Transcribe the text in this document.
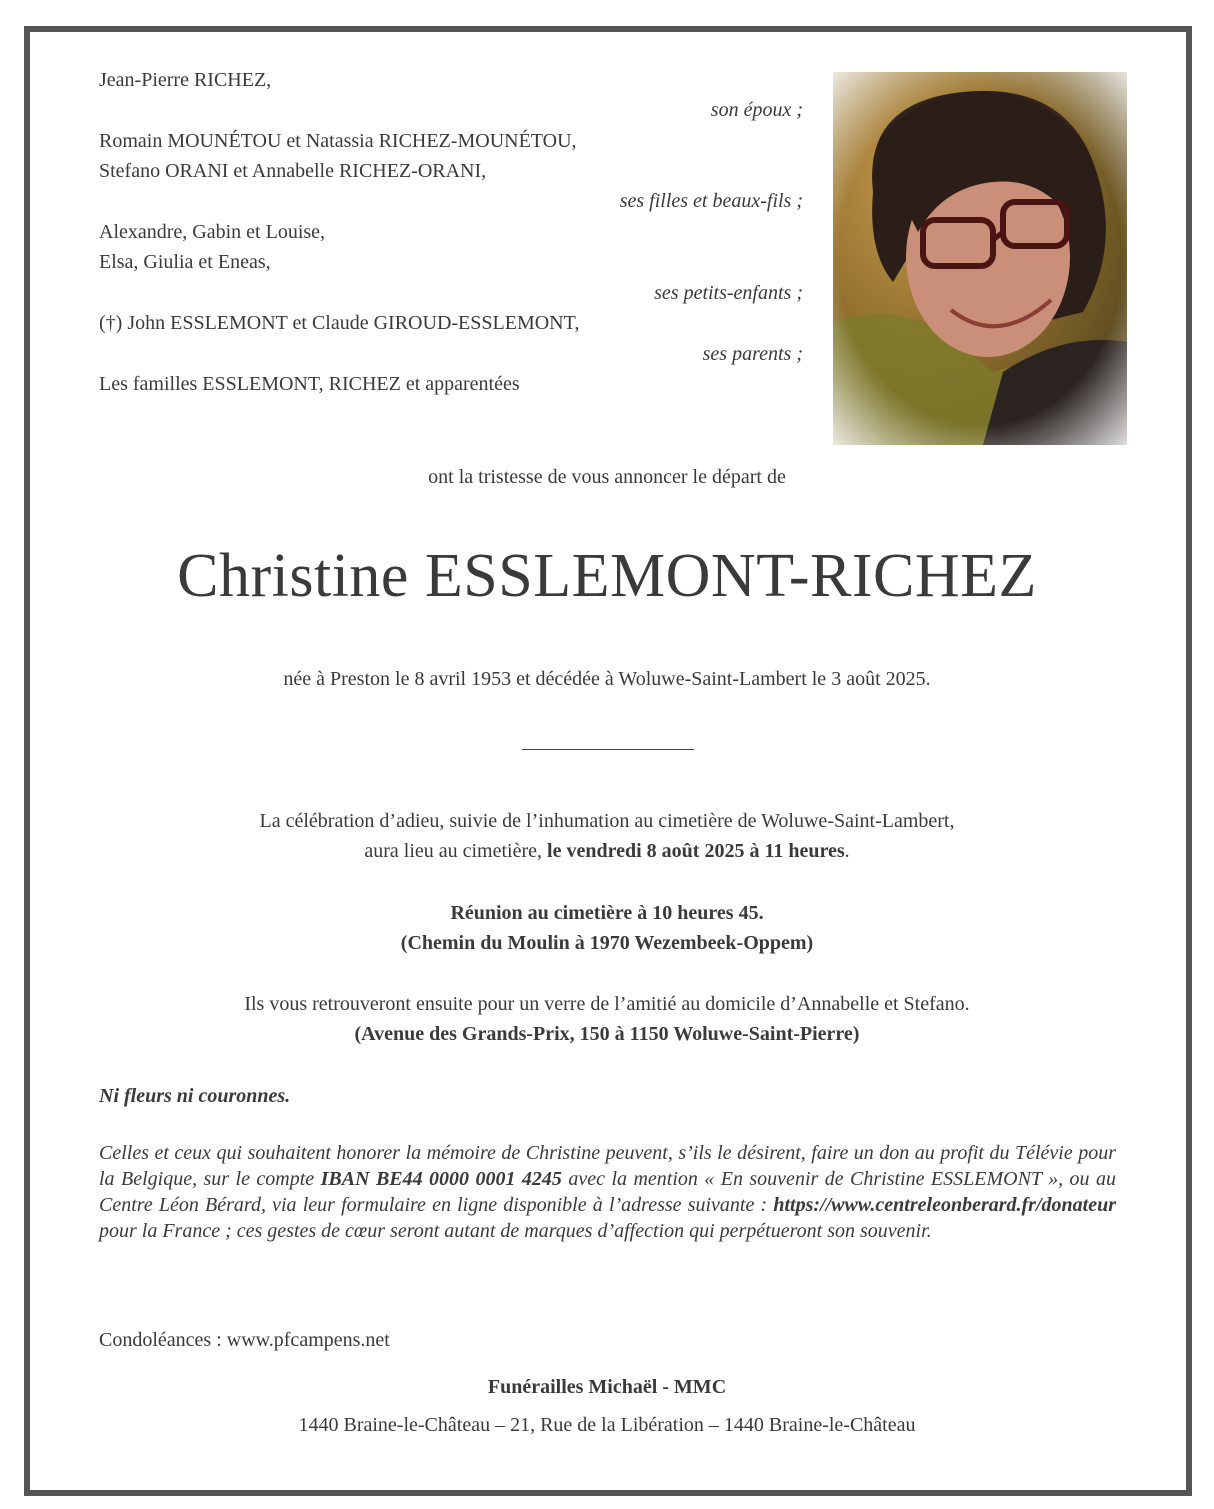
Jean-Pierre RICHEZ,
son époux ;
Romain MOUNÉTOU et Natassia RICHEZ-MOUNÉTOU,
Stefano ORANI et Annabelle RICHEZ-ORANI,
ses filles et beaux-fils ;
Alexandre, Gabin et Louise,
Elsa, Giulia et Eneas,
ses petits-enfants ;
(†) John ESSLEMONT et Claude GIROUD-ESSLEMONT,
ses parents ;
Les familles ESSLEMONT, RICHEZ et apparentées
ont la tristesse de vous annoncer le départ de
Christine ESSLEMONT-RICHEZ
née à Preston le 8 avril 1953 et décédée à Woluwe-Saint-Lambert le 3 août 2025.
La célébration d’adieu, suivie de l’inhumation au cimetière de Woluwe-Saint-Lambert,
aura lieu au cimetière, le vendredi 8 août 2025 à 11 heures.
Réunion au cimetière à 10 heures 45.
(Chemin du Moulin à 1970 Wezembeek-Oppem)
Ils vous retrouveront ensuite pour un verre de l’amitié au domicile d’Annabelle et Stefano.
(Avenue des Grands-Prix, 150 à 1150 Woluwe-Saint-Pierre)
Ni fleurs ni couronnes.
Celles et ceux qui souhaitent honorer la mémoire de Christine peuvent, s’ils le désirent, faire un don au profit du Télévie pour la Belgique, sur le compte IBAN BE44 0000 0001 4245 avec la mention « En souvenir de Christine ESSLEMONT », ou au Centre Léon Bérard, via leur formulaire en ligne disponible à l’adresse suivante : https://www.centreleonberard.fr/donateur pour la France ; ces gestes de cœur seront autant de marques d’affection qui perpétueront son souvenir.
Condoléances : www.pfcampens.net
Funérailles Michaël - MMC
1440 Braine-le-Château – 21, Rue de la Libération – 1440 Braine-le-Château
